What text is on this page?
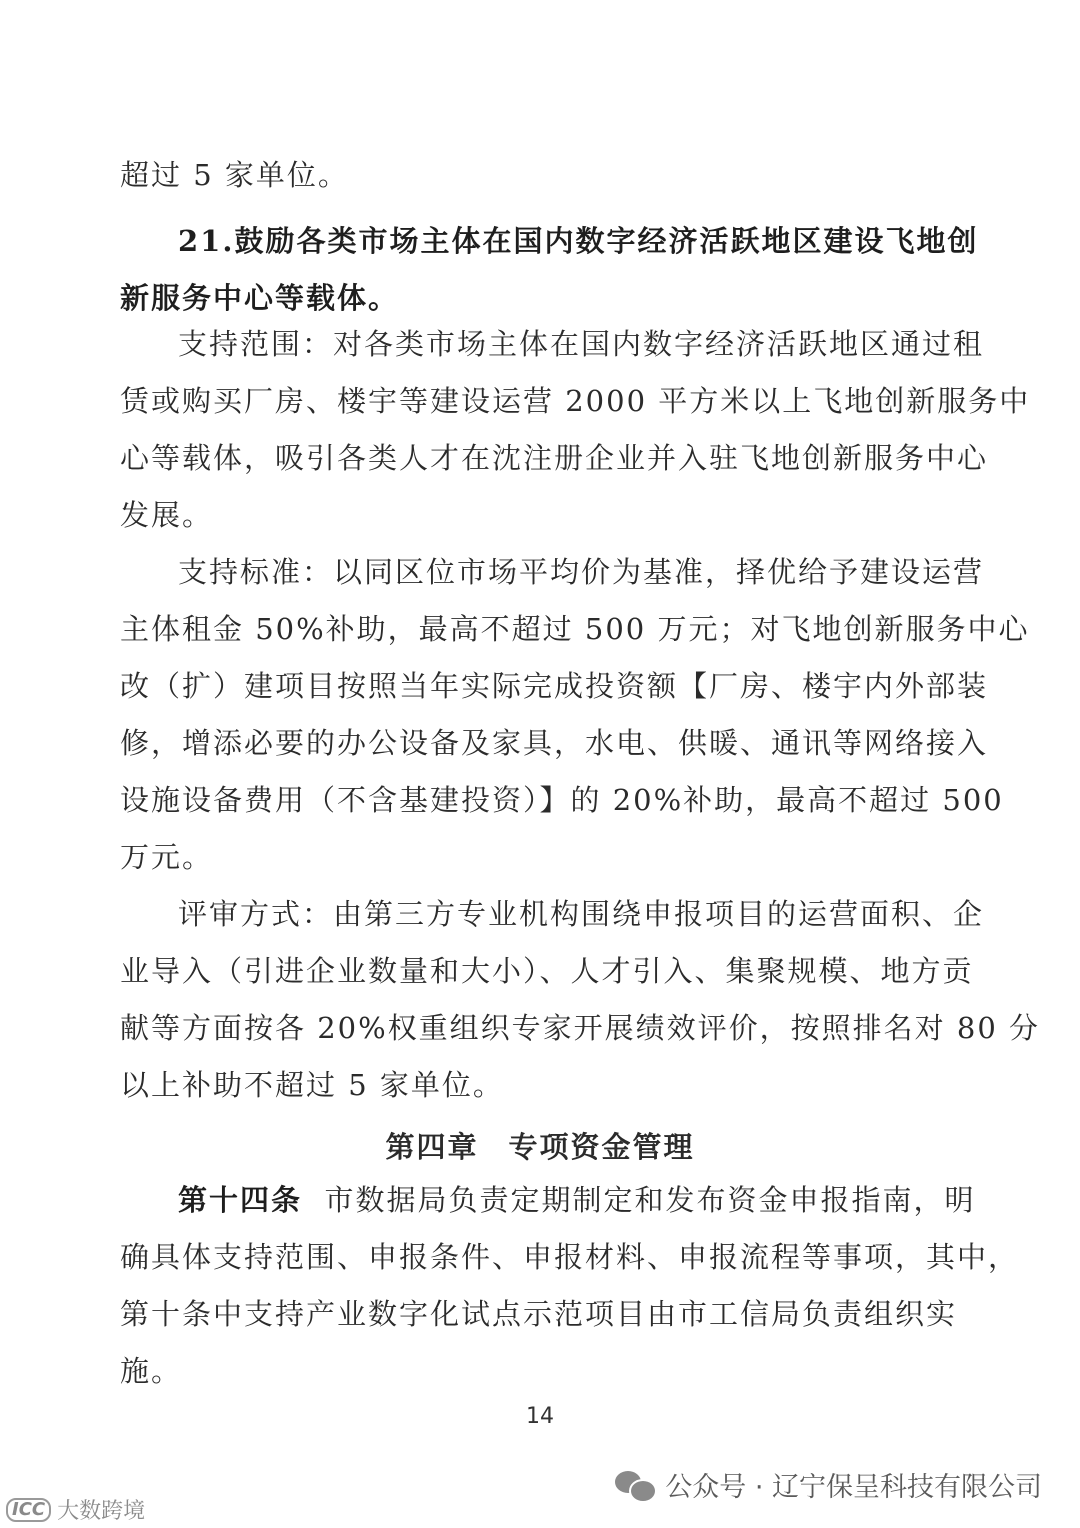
超过 5 家单位。
21.鼓励各类市场主体在国内数字经济活跃地区建设飞地创
新服务中心等载体。
支持范围：对各类市场主体在国内数字经济活跃地区通过租
赁或购买厂房、楼宇等建设运营 2000 平方米以上飞地创新服务中
心等载体，吸引各类人才在沈注册企业并入驻飞地创新服务中心
发展。
支持标准：以同区位市场平均价为基准，择优给予建设运营
主体租金 50%补助，最高不超过 500 万元；对飞地创新服务中心
改（扩）建项目按照当年实际完成投资额【厂房、楼宇内外部装
修，增添必要的办公设备及家具，水电、供暖、通讯等网络接入
设施设备费用（不含基建投资）】的 20%补助，最高不超过 500
万元。
评审方式：由第三方专业机构围绕申报项目的运营面积、企
业导入（引进企业数量和大小）、人才引入、集聚规模、地方贡
献等方面按各 20%权重组织专家开展绩效评价，按照排名对 80 分
以上补助不超过 5 家单位。
第四章 专项资金管理
第十四条 市数据局负责定期制定和发布资金申报指南，明
确具体支持范围、申报条件、申报材料、申报流程等事项，其中，
第十条中支持产业数字化试点示范项目由市工信局负责组织实
施。
14
公众号 · 辽宁保呈科技有限公司
ICC 大数跨境
